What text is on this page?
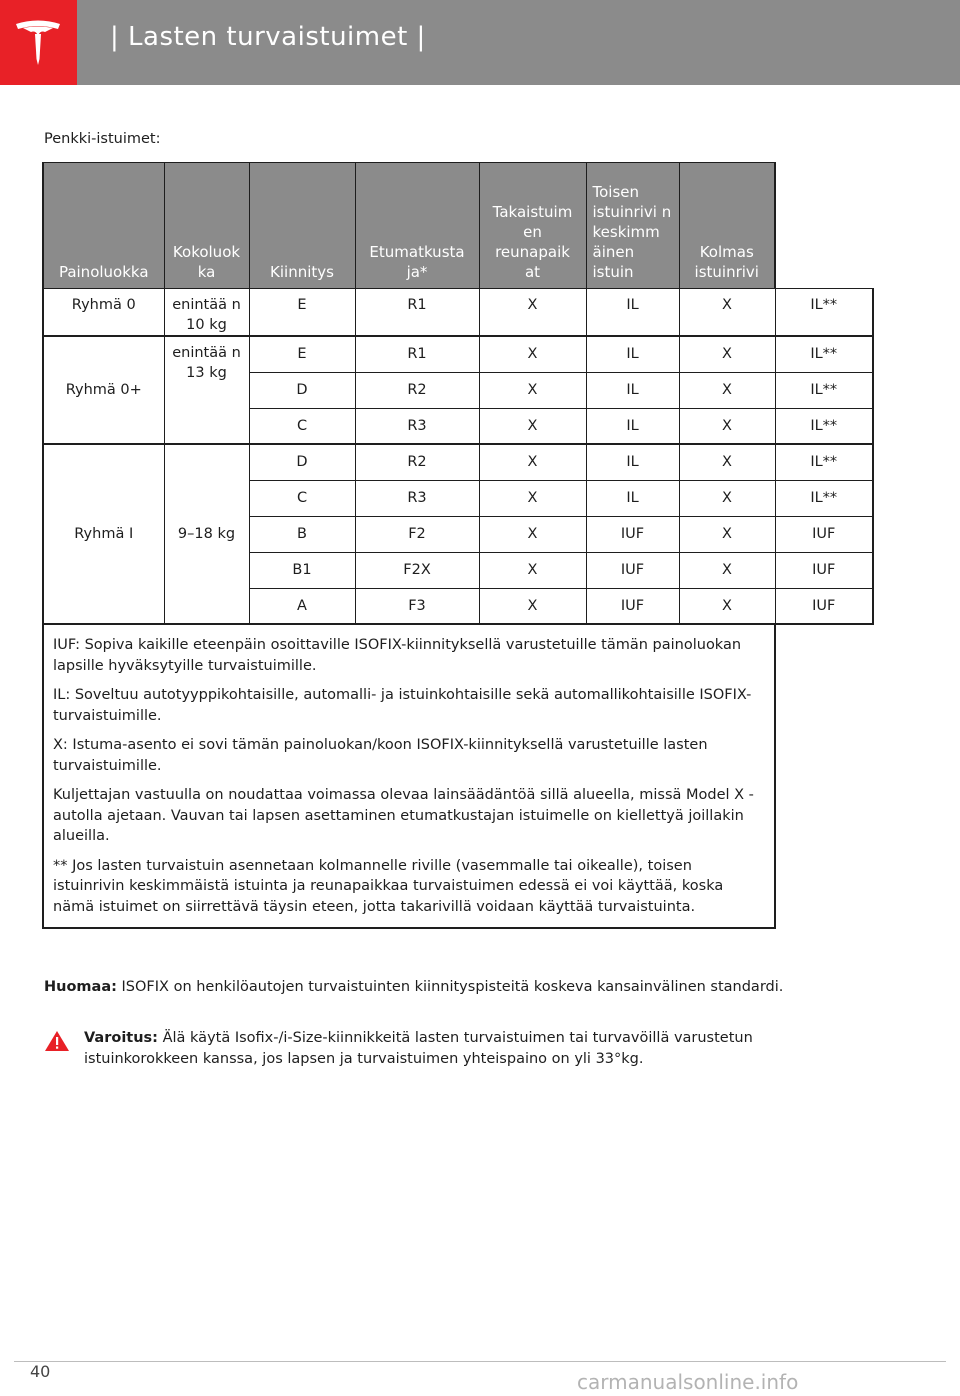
| Lasten turvaistuimet |
Penkki-istuimet:
Painoluokka	Kokoluok ka	Kiinnitys	Etumatkusta ja*	Takaistuim en reunapaik at	Toisen istuinrivi n keskimm äinen istuin	Kolmas istuinrivi	
Ryhmä 0	enintää n 10 kg	E	R1	X	IL	X	IL**
Ryhmä 0+	enintää n 13 kg	E	R1	X	IL	X	IL**
		D	R2	X	IL	X	IL**
		C	R3	X	IL	X	IL**
Ryhmä I	9–18 kg	D	R2	X	IL	X	IL**
		C	R3	X	IL	X	IL**
		B	F2	X	IUF	X	IUF
		B1	F2X	X	IUF	X	IUF
		A	F3	X	IUF	X	IUF

IUF: Sopiva kaikille eteenpäin osoittaville ISOFIX-kiinnityksellä varustetuille tämän painoluokan lapsille hyväksytyille turvaistuimille.

IL: Soveltuu autotyyppikohtaisille, automalli- ja istuinkohtaisille sekä automallikohtaisille ISOFIX-turvaistuimille.

X: Istuma-asento ei sovi tämän painoluokan/koon ISOFIX-kiinnityksellä varustetuille lasten turvaistuimille.

Kuljettajan vastuulla on noudattaa voimassa olevaa lainsäädäntöä sillä alueella, missä Model X -autolla ajetaan. Vauvan tai lapsen asettaminen etumatkustajan istuimelle on kiellettyä joillakin alueilla.

** Jos lasten turvaistuin asennetaan kolmannelle riville (vasemmalle tai oikealle), toisen istuinrivin keskimmäistä istuinta ja reunapaikkaa turvaistuimen edessä ei voi käyttää, koska nämä istuimet on siirrettävä täysin eteen, jotta takarivillä voidaan käyttää turvaistuinta.							

Huomaa: ISOFIX on henkilöautojen turvaistuinten kiinnityspisteitä koskeva kansainvälinen standardi.
Varoitus: Älä käytä Isofix-/i-Size-kiinnikkeitä lasten turvaistuimen tai turvavöillä varustetun istuinkorokkeen kanssa, jos lapsen ja turvaistuimen yhteispaino on yli 33°kg.
40	carmanualsonline.info
